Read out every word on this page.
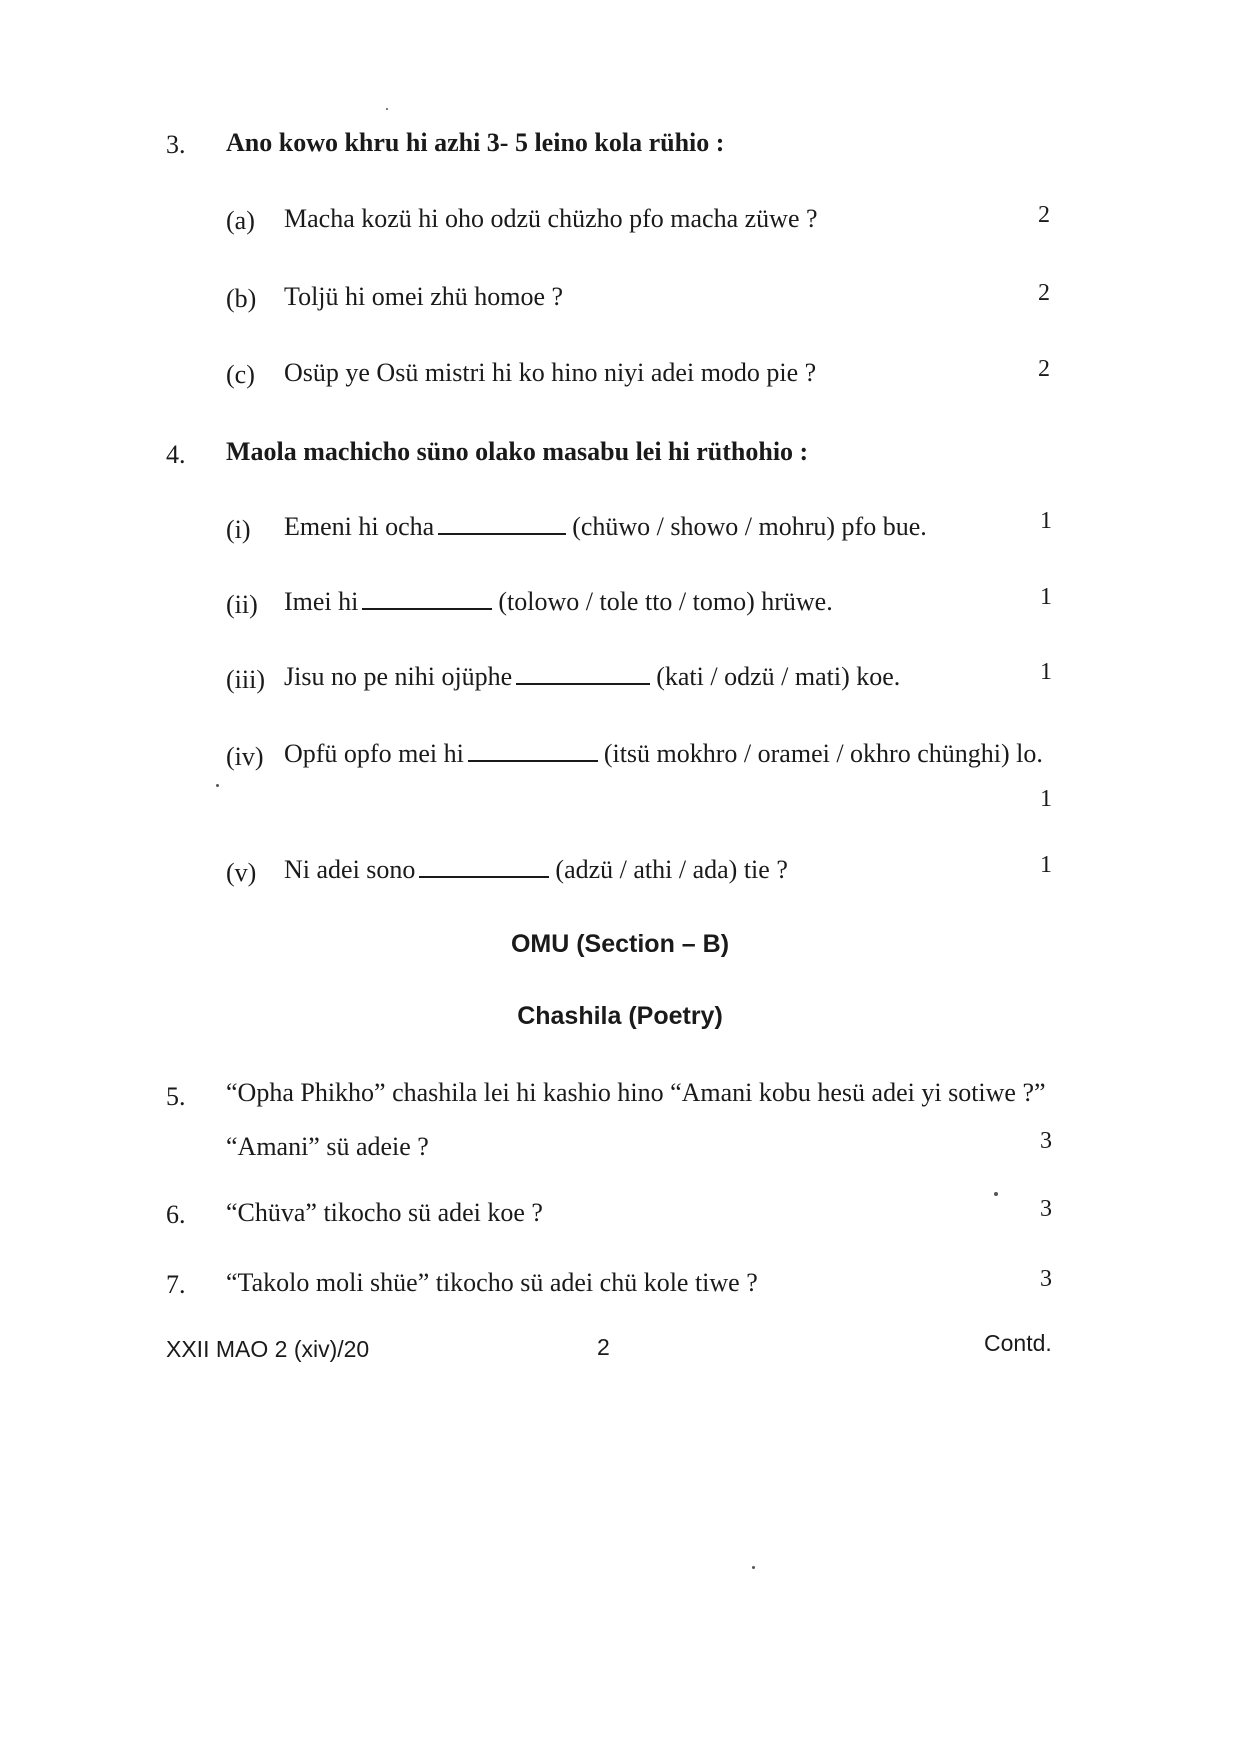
3. Ano kowo khru hi azhi 3- 5 leino kola rühio :
(a) Macha kozü hi oho odzü chüzho pfo macha züwe ?	2
(b) Toljü hi omei zhü homoe ?	2
(c) Osüp ye Osü mistri hi ko hino niyi adei modo pie ?	2
4. Maola machicho süno olako masabu lei hi rüthohio :
(i) Emeni hi ocha	(chüwo / showo / mohru) pfo bue.	1
(ii) Imei hi	(tolowo / tole tto / tomo) hrüwe.	1
(iii) Jisu no pe nihi ojüphe	(kati / odzü / mati) koe.	1
(iv) Opfü opfo mei hi	(itsü mokhro / oramei / okhro chünghi) lo.
1
(v) Ni adei sono	(adzü / athi / ada) tie ?	1
OMU (Section – B)
Chashila (Poetry)
5. “Opha Phikho” chashila lei hi kashio hino “Amani kobu hesü adei yi sotiwe ?”
“Amani” sü adeie ?	3
6. “Chüva” tikocho sü adei koe ?	3
7. “Takolo moli shüe” tikocho sü adei chü kole tiwe ?	3
XXII MAO 2 (xiv)/20	2	Contd.
